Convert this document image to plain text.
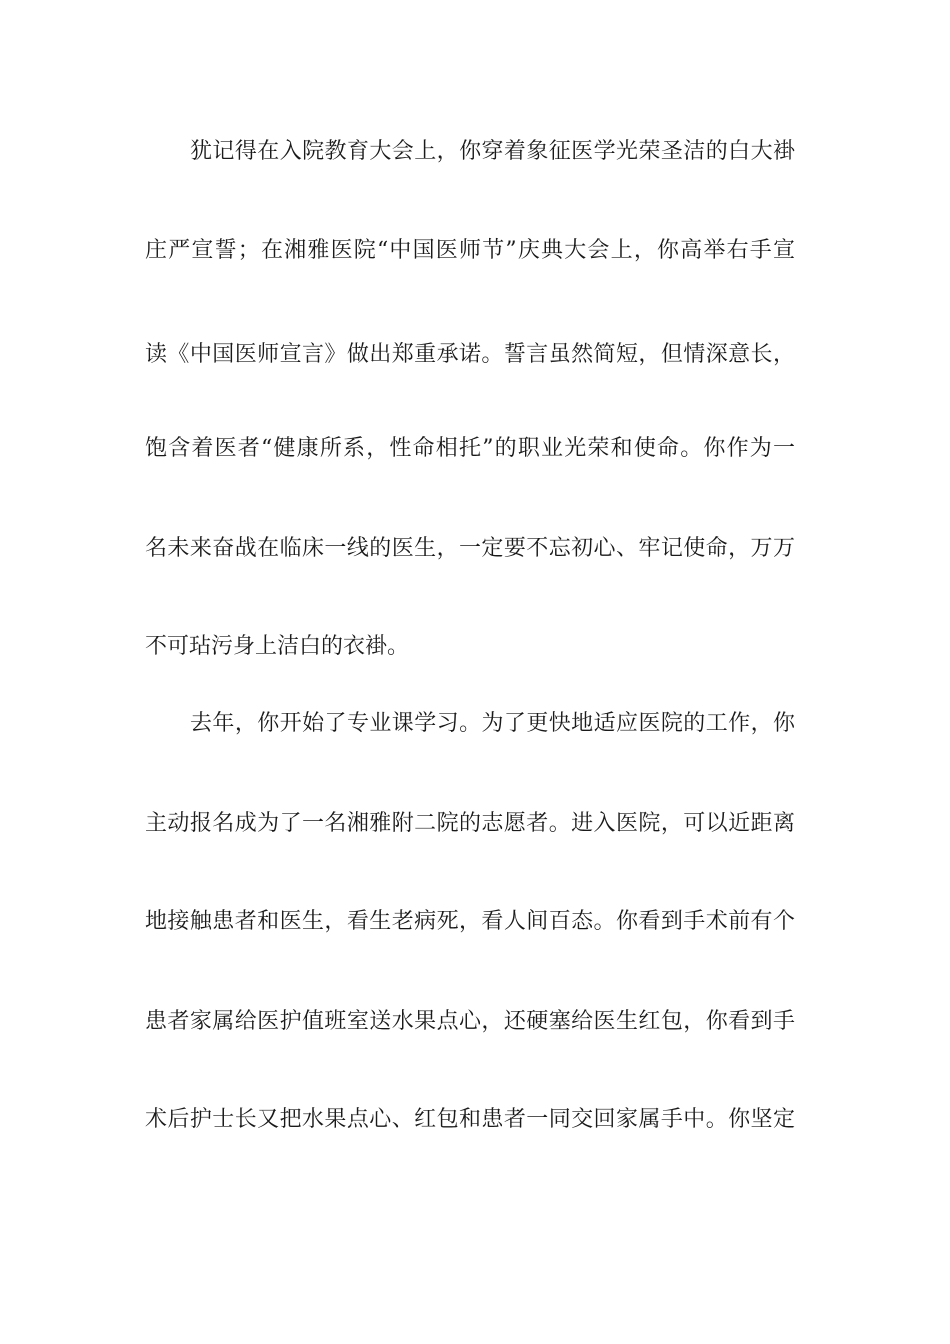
犹记得在入院教育大会上，你穿着象征医学光荣圣洁的白大褂
庄严宣誓；在湘雅医院“中国医师节”庆典大会上，你高举右手宣
读《中国医师宣言》做出郑重承诺。誓言虽然简短，但情深意长，
饱含着医者“健康所系，性命相托”的职业光荣和使命。你作为一
名未来奋战在临床一线的医生，一定要不忘初心、牢记使命，万万
不可玷污身上洁白的衣褂。
去年，你开始了专业课学习。为了更快地适应医院的工作，你
主动报名成为了一名湘雅附二院的志愿者。进入医院，可以近距离
地接触患者和医生，看生老病死，看人间百态。你看到手术前有个
患者家属给医护值班室送水果点心，还硬塞给医生红包，你看到手
术后护士长又把水果点心、红包和患者一同交回家属手中。你坚定
